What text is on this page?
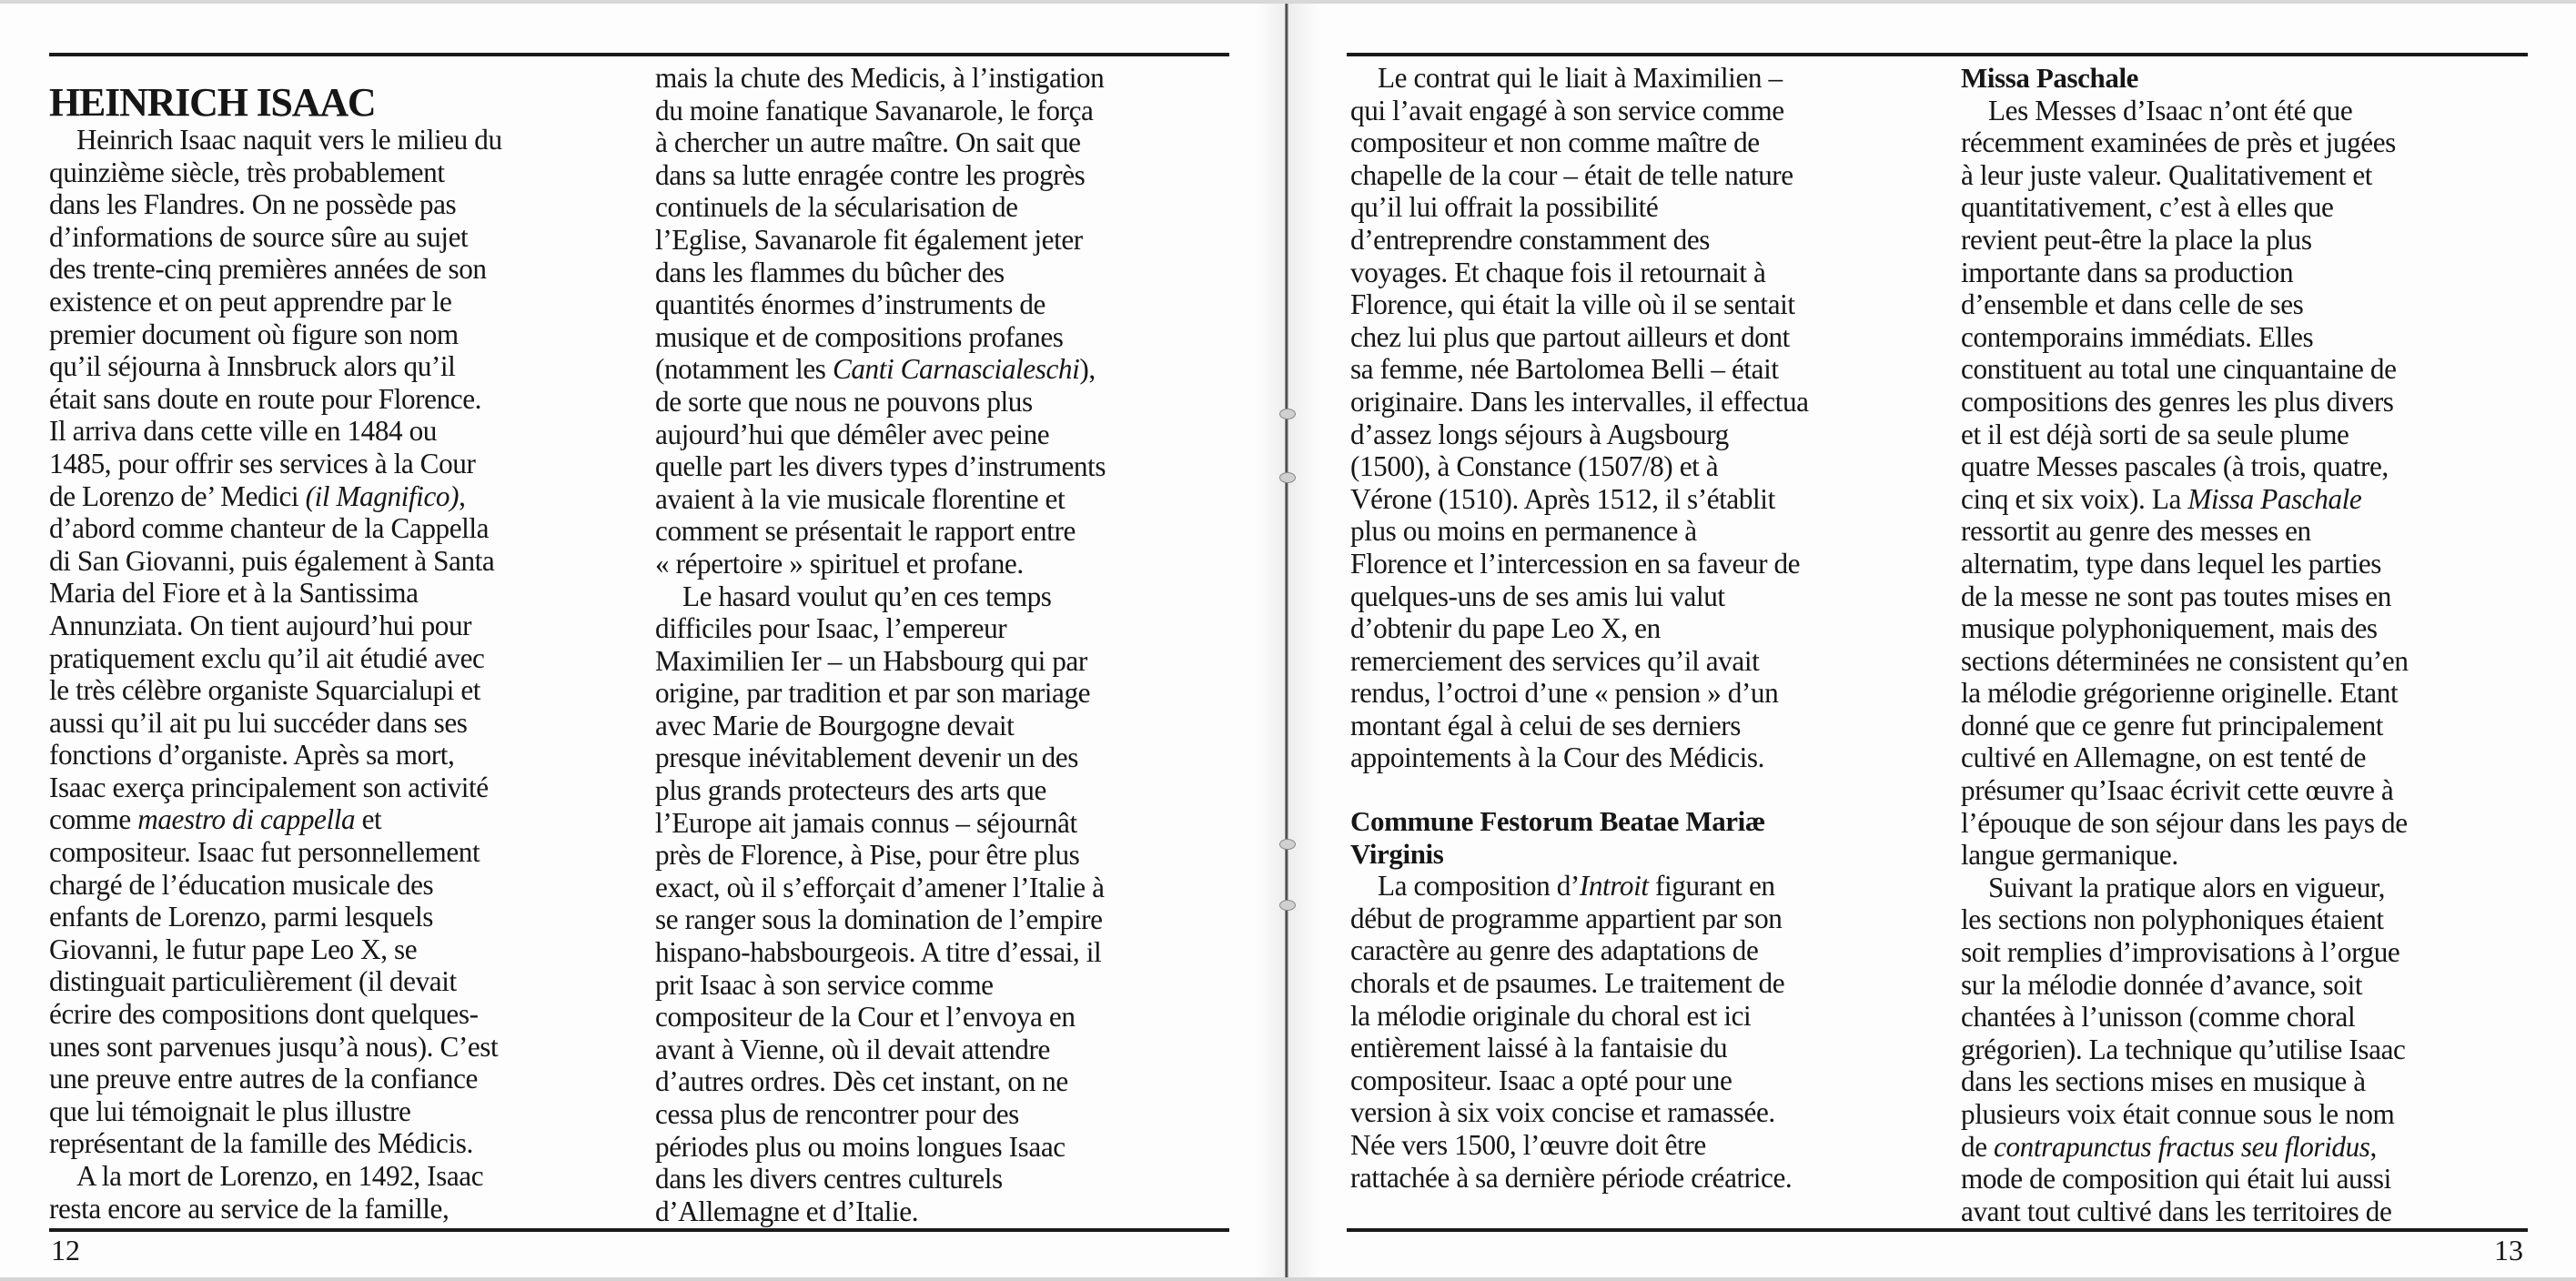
HEINRICH ISAAC
Heinrich Isaac naquit vers le milieu du
quinzième siècle, très probablement
dans les Flandres. On ne possède pas
d’informations de source sûre au sujet
des trente-cinq premières années de son
existence et on peut apprendre par le
premier document où figure son nom
qu’il séjourna à Innsbruck alors qu’il
était sans doute en route pour Florence.
Il arriva dans cette ville en 1484 ou
1485, pour offrir ses services à la Cour
de Lorenzo de’ Medici (il Magnifico),
d’abord comme chanteur de la Cappella
di San Giovanni, puis également à Santa
Maria del Fiore et à la Santissima
Annunziata. On tient aujourd’hui pour
pratiquement exclu qu’il ait étudié avec
le très célèbre organiste Squarcialupi et
aussi qu’il ait pu lui succéder dans ses
fonctions d’organiste. Après sa mort,
Isaac exerça principalement son activité
comme maestro di cappella et
compositeur. Isaac fut personnellement
chargé de l’éducation musicale des
enfants de Lorenzo, parmi lesquels
Giovanni, le futur pape Leo X, se
distinguait particulièrement (il devait
écrire des compositions dont quelques-
unes sont parvenues jusqu’à nous). C’est
une preuve entre autres de la confiance
que lui témoignait le plus illustre
représentant de la famille des Médicis.
A la mort de Lorenzo, en 1492, Isaac
resta encore au service de la famille,
mais la chute des Medicis, à l’instigation
du moine fanatique Savanarole, le força
à chercher un autre maître. On sait que
dans sa lutte enragée contre les progrès
continuels de la sécularisation de
l’Eglise, Savanarole fit également jeter
dans les flammes du bûcher des
quantités énormes d’instruments de
musique et de compositions profanes
(notamment les Canti Carnascialeschi),
de sorte que nous ne pouvons plus
aujourd’hui que démêler avec peine
quelle part les divers types d’instruments
avaient à la vie musicale florentine et
comment se présentait le rapport entre
« répertoire » spirituel et profane.
Le hasard voulut qu’en ces temps
difficiles pour Isaac, l’empereur
Maximilien Ier – un Habsbourg qui par
origine, par tradition et par son mariage
avec Marie de Bourgogne devait
presque inévitablement devenir un des
plus grands protecteurs des arts que
l’Europe ait jamais connus – séjournât
près de Florence, à Pise, pour être plus
exact, où il s’efforçait d’amener l’Italie à
se ranger sous la domination de l’empire
hispano-habsbourgeois. A titre d’essai, il
prit Isaac à son service comme
compositeur de la Cour et l’envoya en
avant à Vienne, où il devait attendre
d’autres ordres. Dès cet instant, on ne
cessa plus de rencontrer pour des
périodes plus ou moins longues Isaac
dans les divers centres culturels
d’Allemagne et d’Italie.
12
Le contrat qui le liait à Maximilien –
qui l’avait engagé à son service comme
compositeur et non comme maître de
chapelle de la cour – était de telle nature
qu’il lui offrait la possibilité
d’entreprendre constamment des
voyages. Et chaque fois il retournait à
Florence, qui était la ville où il se sentait
chez lui plus que partout ailleurs et dont
sa femme, née Bartolomea Belli – était
originaire. Dans les intervalles, il effectua
d’assez longs séjours à Augsbourg
(1500), à Constance (1507/8) et à
Vérone (1510). Après 1512, il s’établit
plus ou moins en permanence à
Florence et l’intercession en sa faveur de
quelques-uns de ses amis lui valut
d’obtenir du pape Leo X, en
remerciement des services qu’il avait
rendus, l’octroi d’une « pension » d’un
montant égal à celui de ses derniers
appointements à la Cour des Médicis.
Commune Festorum Beatae Mariæ
Virginis
La composition d’Introit figurant en
début de programme appartient par son
caractère au genre des adaptations de
chorals et de psaumes. Le traitement de
la mélodie originale du choral est ici
entièrement laissé à la fantaisie du
compositeur. Isaac a opté pour une
version à six voix concise et ramassée.
Née vers 1500, l’œuvre doit être
rattachée à sa dernière période créatrice.
Missa Paschale
Les Messes d’Isaac n’ont été que
récemment examinées de près et jugées
à leur juste valeur. Qualitativement et
quantitativement, c’est à elles que
revient peut-être la place la plus
importante dans sa production
d’ensemble et dans celle de ses
contemporains immédiats. Elles
constituent au total une cinquantaine de
compositions des genres les plus divers
et il est déjà sorti de sa seule plume
quatre Messes pascales (à trois, quatre,
cinq et six voix). La Missa Paschale
ressortit au genre des messes en
alternatim, type dans lequel les parties
de la messe ne sont pas toutes mises en
musique polyphoniquement, mais des
sections déterminées ne consistent qu’en
la mélodie grégorienne originelle. Etant
donné que ce genre fut principalement
cultivé en Allemagne, on est tenté de
présumer qu’Isaac écrivit cette œuvre à
l’épouque de son séjour dans les pays de
langue germanique.
Suivant la pratique alors en vigueur,
les sections non polyphoniques étaient
soit remplies d’improvisations à l’orgue
sur la mélodie donnée d’avance, soit
chantées à l’unisson (comme choral
grégorien). La technique qu’utilise Isaac
dans les sections mises en musique à
plusieurs voix était connue sous le nom
de contrapunctus fractus seu floridus,
mode de composition qui était lui aussi
avant tout cultivé dans les territoires de
13
